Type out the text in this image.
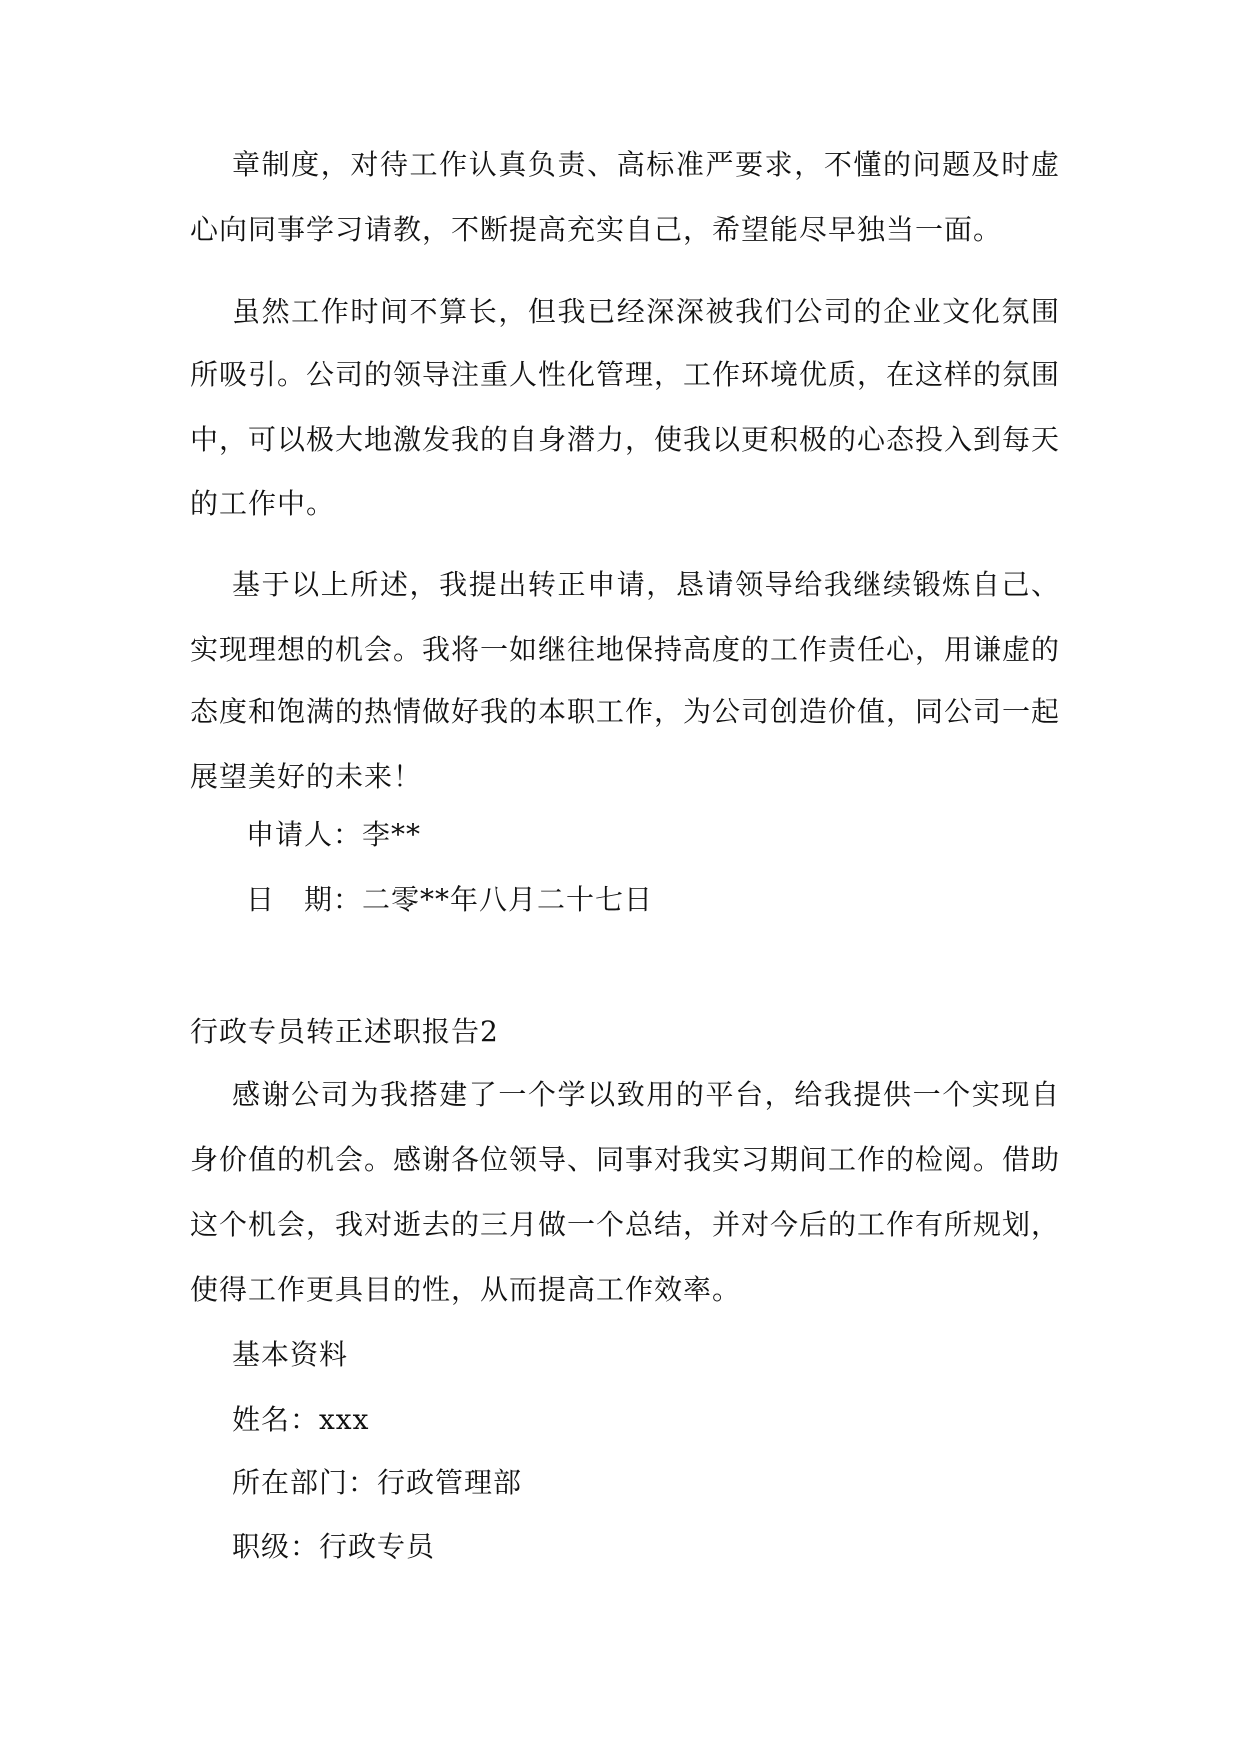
章制度，对待工作认真负责、高标准严要求，不懂的问题及时虚
心向同事学习请教，不断提高充实自己，希望能尽早独当一面。
虽然工作时间不算长，但我已经深深被我们公司的企业文化氛围
所吸引。公司的领导注重人性化管理，工作环境优质，在这样的氛围
中，可以极大地激发我的自身潜力，使我以更积极的心态投入到每天
的工作中。
基于以上所述，我提出转正申请，恳请领导给我继续锻炼自己、
实现理想的机会。我将一如继往地保持高度的工作责任心，用谦虚的
态度和饱满的热情做好我的本职工作，为公司创造价值，同公司一起
展望美好的未来！
申请人：李**
日　期：二零**年八月二十七日
行政专员转正述职报告2
感谢公司为我搭建了一个学以致用的平台，给我提供一个实现自
身价值的机会。感谢各位领导、同事对我实习期间工作的检阅。借助
这个机会，我对逝去的三月做一个总结，并对今后的工作有所规划，
使得工作更具目的性，从而提高工作效率。
基本资料
姓名：xxx
所在部门：行政管理部
职级：行政专员
